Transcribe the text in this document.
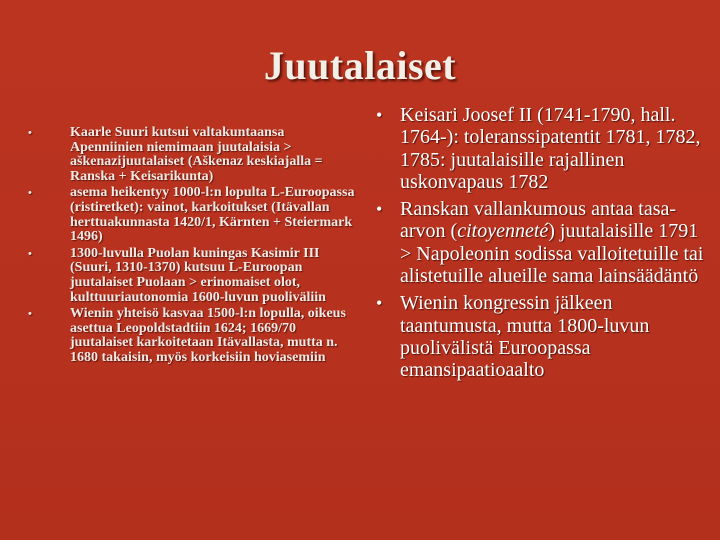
Juutalaiset
•	Kaarle Suuri kutsui valtakuntaansa Apenniinien niemimaan juutalaisia > aškenazijuutalaiset (Aškenaz keskiajalla = Ranska + Keisarikunta)
•	asema heikentyy 1000-l:n lopulta L-Euroopassa (ristiretket): vainot, karkoitukset (Itävallan herttuakunnasta 1420/1, Kärnten + Steiermark 1496)
•	1300-luvulla Puolan kuningas Kasimir III (Suuri, 1310-1370) kutsuu L-Euroopan juutalaiset Puolaan > erinomaiset olot, kulttuuriautonomia 1600-luvun puoliväliin
•	Wienin yhteisö kasvaa 1500-l:n lopulla, oikeus asettua Leopoldstadtiin 1624; 1669/70 juutalaiset karkoitetaan Itävallasta, mutta n. 1680 takaisin, myös korkeisiin hoviasemiin
• Keisari Joosef II (1741-1790, hall. 1764-): toleranssipatentit 1781, 1782, 1785: juutalaisille rajallinen uskonvapaus 1782
• Ranskan vallankumous antaa tasa-arvon (citoyenneté) juutalaisille 1791 > Napoleonin sodissa valloitetuille tai alistetuille alueille sama lainsäädäntö
• Wienin kongressin jälkeen taantumusta, mutta 1800-luvun puolivälistä Euroopassa emansipaatioaalto
